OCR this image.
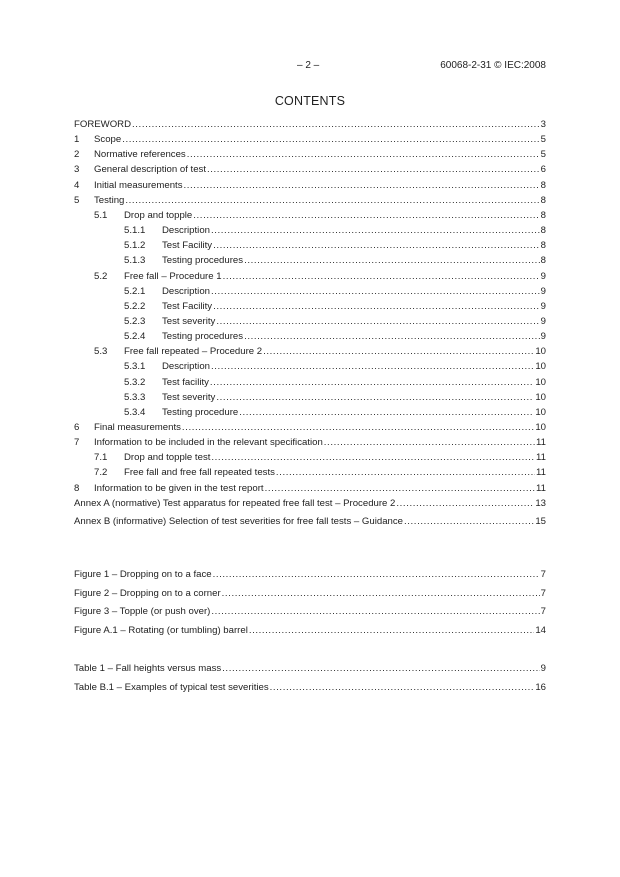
– 2 –	60068-2-31 © IEC:2008
CONTENTS
FOREWORD .....	3
1	Scope .....	5
2	Normative references .....	5
3	General description of test .....	6
4	Initial measurements .....	8
5	Testing .....	8
5.1	Drop and topple .....	8
5.1.1	Description .....	8
5.1.2	Test Facility .....	8
5.1.3	Testing procedures .....	8
5.2	Free fall – Procedure 1 .....	9
5.2.1	Description .....	9
5.2.2	Test Facility .....	9
5.2.3	Test severity .....	9
5.2.4	Testing procedures .....	9
5.3	Free fall repeated – Procedure 2 .....	10
5.3.1	Description .....	10
5.3.2	Test facility .....	10
5.3.3	Test severity .....	10
5.3.4	Testing procedure .....	10
6	Final measurements .....	10
7	Information to be included in the relevant specification .....	11
7.1	Drop and topple test .....	11
7.2	Free fall and free fall repeated tests .....	11
8	Information to be given in the test report .....	11
Annex A (normative) Test apparatus for repeated free fall test – Procedure 2 .....	13
Annex B (informative) Selection of test severities for free fall tests – Guidance .....	15
Figure 1 – Dropping on to a face .....	7
Figure 2 – Dropping on to a corner .....	7
Figure 3 – Topple (or push over) .....	7
Figure A.1 – Rotating (or tumbling) barrel .....	14
Table 1 – Fall heights versus mass .....	9
Table B.1 – Examples of typical test severities .....	16
